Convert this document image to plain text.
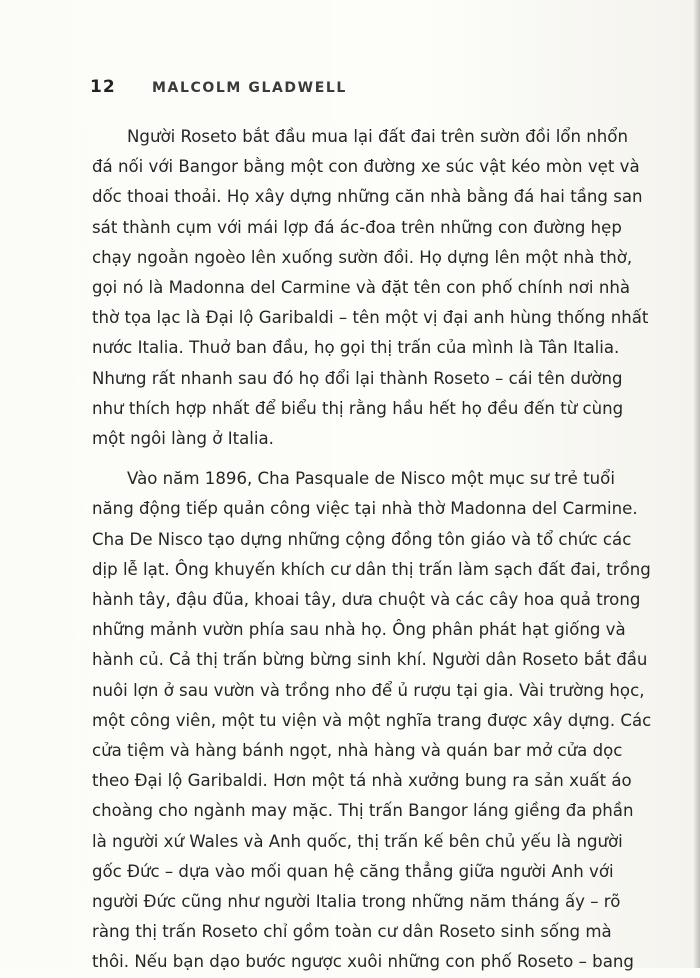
12	MALCOLM GLADWELL

Người Roseto bắt đầu mua lại đất đai trên sườn đồi lổn nhổn
đá nối với Bangor bằng một con đường xe súc vật kéo mòn vẹt và
dốc thoai thoải. Họ xây dựng những căn nhà bằng đá hai tầng san
sát thành cụm với mái lợp đá ác-đoa trên những con đường hẹp
chạy ngoằn ngoèo lên xuống sườn đồi. Họ dựng lên một nhà thờ,
gọi nó là Madonna del Carmine và đặt tên con phố chính nơi nhà
thờ tọa lạc là Đại lộ Garibaldi – tên một vị đại anh hùng thống nhất
nước Italia. Thuở ban đầu, họ gọi thị trấn của mình là Tân Italia.
Nhưng rất nhanh sau đó họ đổi lại thành Roseto – cái tên dường
như thích hợp nhất để biểu thị rằng hầu hết họ đều đến từ cùng
một ngôi làng ở Italia.

Vào năm 1896, Cha Pasquale de Nisco một mục sư trẻ tuổi
năng động tiếp quản công việc tại nhà thờ Madonna del Carmine.
Cha De Nisco tạo dựng những cộng đồng tôn giáo và tổ chức các
dịp lễ lạt. Ông khuyến khích cư dân thị trấn làm sạch đất đai, trồng
hành tây, đậu đũa, khoai tây, dưa chuột và các cây hoa quả trong
những mảnh vườn phía sau nhà họ. Ông phân phát hạt giống và
hành củ. Cả thị trấn bừng bừng sinh khí. Người dân Roseto bắt đầu
nuôi lợn ở sau vườn và trồng nho để ủ rượu tại gia. Vài trường học,
một công viên, một tu viện và một nghĩa trang được xây dựng. Các
cửa tiệm và hàng bánh ngọt, nhà hàng và quán bar mở cửa dọc
theo Đại lộ Garibaldi. Hơn một tá nhà xưởng bung ra sản xuất áo
choàng cho ngành may mặc. Thị trấn Bangor láng giềng đa phần
là người xứ Wales và Anh quốc, thị trấn kế bên chủ yếu là người
gốc Đức – dựa vào mối quan hệ căng thẳng giữa người Anh với
người Đức cũng như người Italia trong những năm tháng ấy – rõ
ràng thị trấn Roseto chỉ gồm toàn cư dân Roseto sinh sống mà
thôi. Nếu bạn dạo bước ngược xuôi những con phố Roseto – bang
